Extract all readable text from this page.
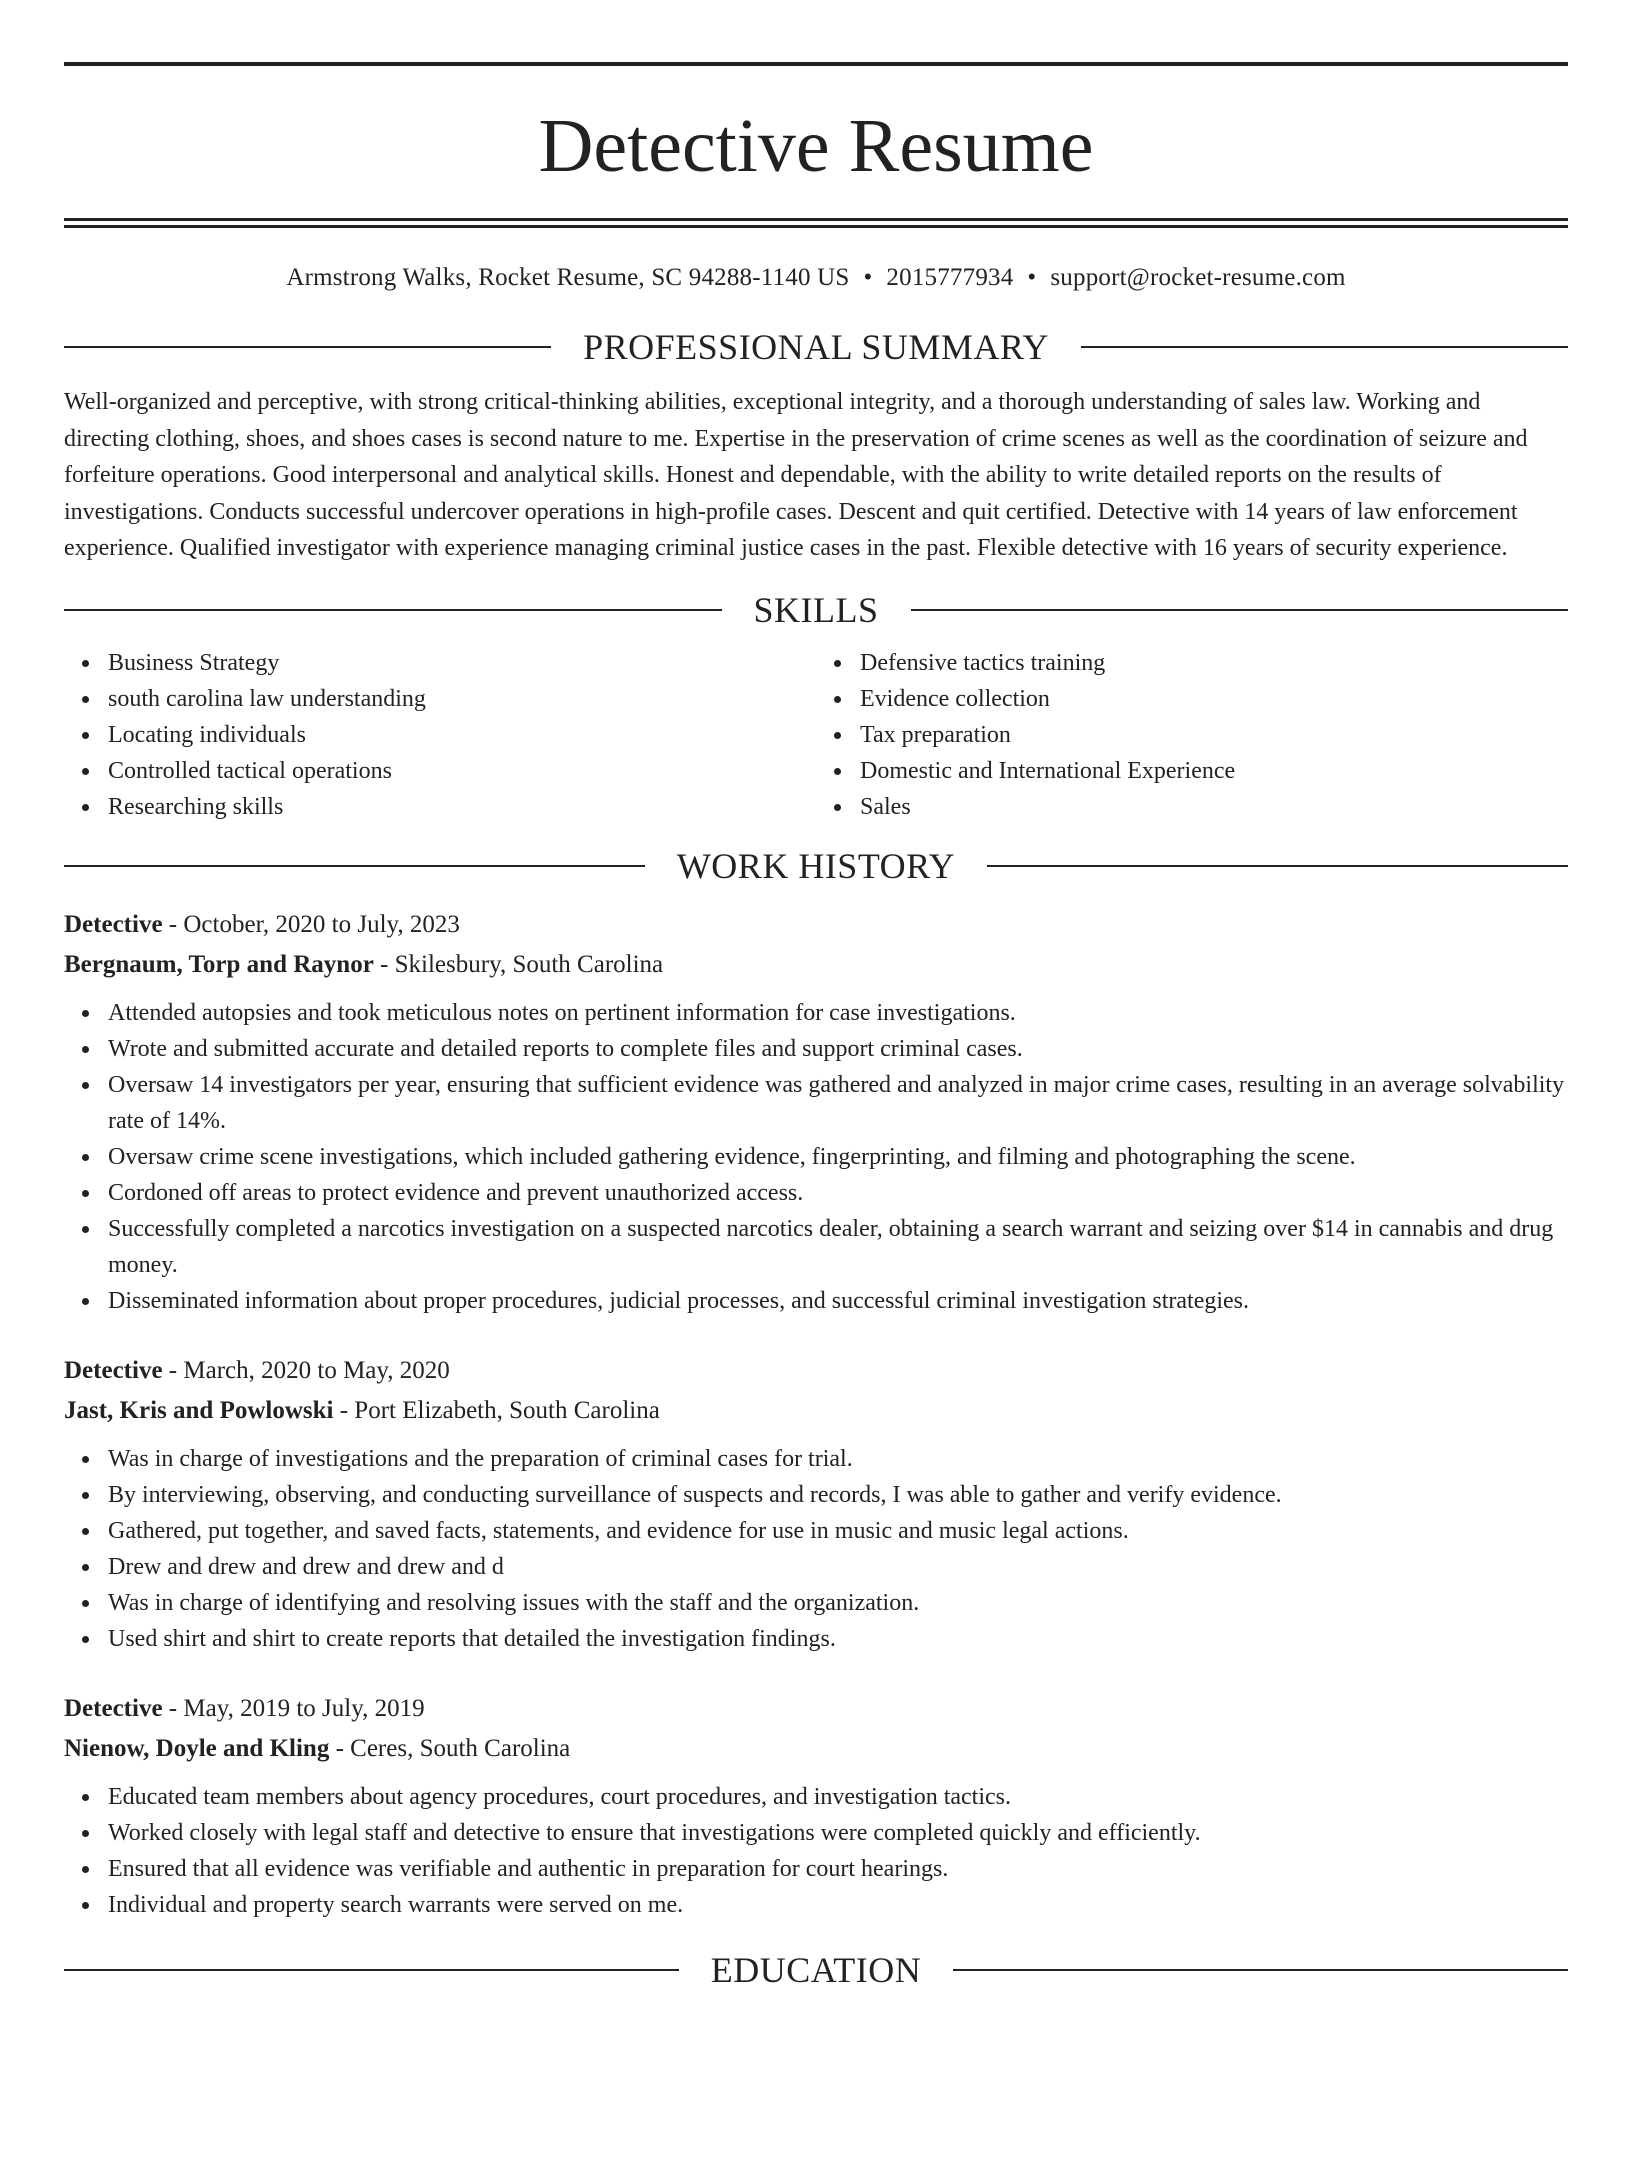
Detective Resume
Armstrong Walks, Rocket Resume, SC 94288-1140 US • 2015777934 • support@rocket-resume.com
PROFESSIONAL SUMMARY
Well-organized and perceptive, with strong critical-thinking abilities, exceptional integrity, and a thorough understanding of sales law. Working and directing clothing, shoes, and shoes cases is second nature to me. Expertise in the preservation of crime scenes as well as the coordination of seizure and forfeiture operations. Good interpersonal and analytical skills. Honest and dependable, with the ability to write detailed reports on the results of investigations. Conducts successful undercover operations in high-profile cases. Descent and quit certified. Detective with 14 years of law enforcement experience. Qualified investigator with experience managing criminal justice cases in the past. Flexible detective with 16 years of security experience.
SKILLS
Business Strategy
south carolina law understanding
Locating individuals
Controlled tactical operations
Researching skills
Defensive tactics training
Evidence collection
Tax preparation
Domestic and International Experience
Sales
WORK HISTORY
Detective - October, 2020 to July, 2023
Bergnaum, Torp and Raynor - Skilesbury, South Carolina
Attended autopsies and took meticulous notes on pertinent information for case investigations.
Wrote and submitted accurate and detailed reports to complete files and support criminal cases.
Oversaw 14 investigators per year, ensuring that sufficient evidence was gathered and analyzed in major crime cases, resulting in an average solvability rate of 14%.
Oversaw crime scene investigations, which included gathering evidence, fingerprinting, and filming and photographing the scene.
Cordoned off areas to protect evidence and prevent unauthorized access.
Successfully completed a narcotics investigation on a suspected narcotics dealer, obtaining a search warrant and seizing over $14 in cannabis and drug money.
Disseminated information about proper procedures, judicial processes, and successful criminal investigation strategies.
Detective - March, 2020 to May, 2020
Jast, Kris and Powlowski - Port Elizabeth, South Carolina
Was in charge of investigations and the preparation of criminal cases for trial.
By interviewing, observing, and conducting surveillance of suspects and records, I was able to gather and verify evidence.
Gathered, put together, and saved facts, statements, and evidence for use in music and music legal actions.
Drew and drew and drew and drew and d
Was in charge of identifying and resolving issues with the staff and the organization.
Used shirt and shirt to create reports that detailed the investigation findings.
Detective - May, 2019 to July, 2019
Nienow, Doyle and Kling - Ceres, South Carolina
Educated team members about agency procedures, court procedures, and investigation tactics.
Worked closely with legal staff and detective to ensure that investigations were completed quickly and efficiently.
Ensured that all evidence was verifiable and authentic in preparation for court hearings.
Individual and property search warrants were served on me.
EDUCATION
